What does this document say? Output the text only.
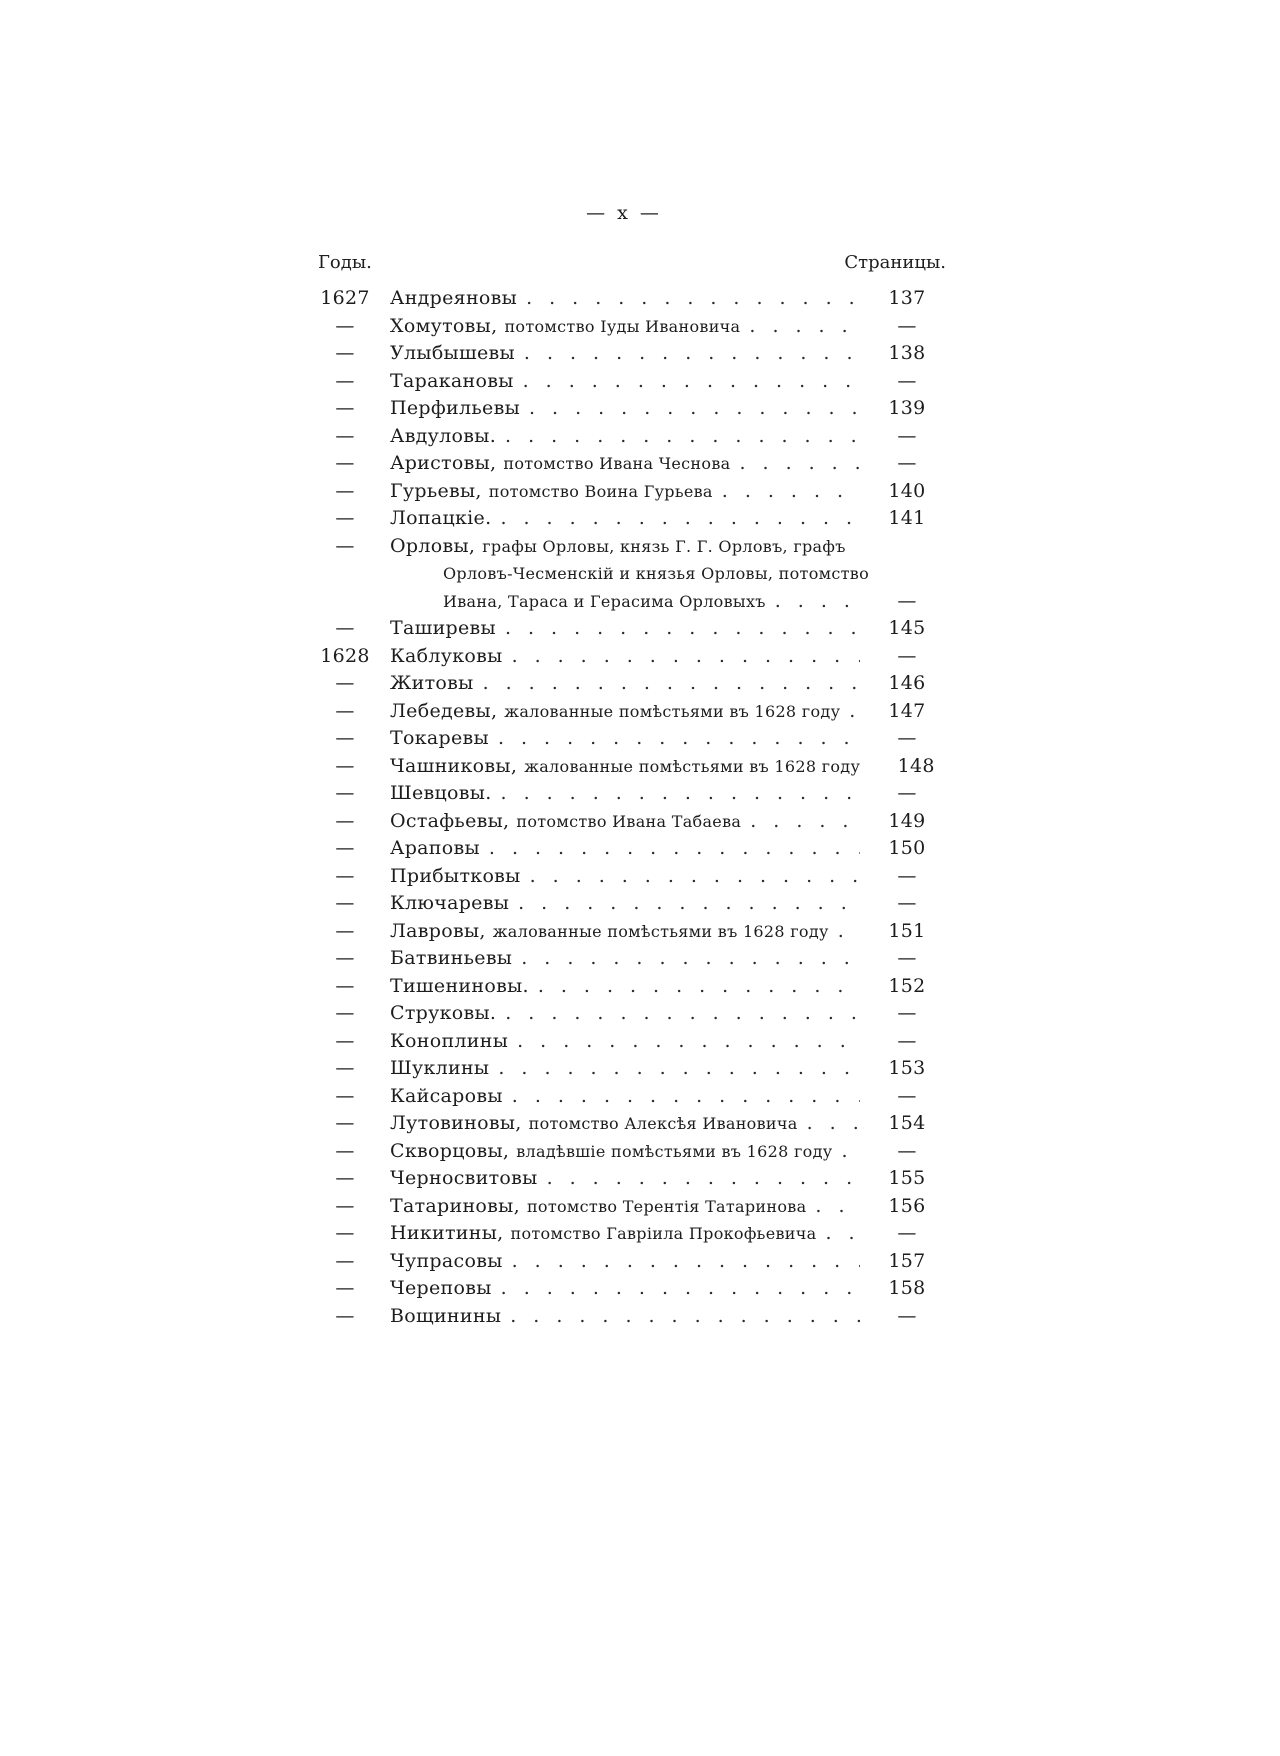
— x —
Годы.	Страницы.
1627 Андреяновы .....	137
—	Хомутовы, потомство Іуды Ивановича .....	—
—	Улыбышевы .....	138
—	Таракановы .....	—
—	Перфильевы .....	139
—	Авдуловы. .....	—
—	Аристовы, потомство Ивана Чеснова .....	—
—	Гурьевы, потомство Воина Гурьева .....	140
—	Лопацкіе. .....	141
—	Орловы, графы Орловы, князь Г. Г. Орловъ, графъ
Орловъ-Чесменскій и князья Орловы, потомство
Ивана, Тараса и Герасима Орловыхъ .....	—
—	Таширевы .....	145
1628 Каблуковы .....	—
—	Житовы .....	146
—	Лебедевы, жалованные помѣстьями въ 1628 году .....	147
—	Токаревы .....	—
—	Чашниковы, жалованные помѣстьями въ 1628 году	148
—	Шевцовы. .....	—
—	Остафьевы, потомство Ивана Табаева .....	149
—	Араповы .....	150
—	Прибытковы .....	—
—	Ключаревы .....	—
—	Лавровы, жалованные помѣстьями въ 1628 году .....	151
—	Батвиньевы .....	—
—	Тишениновы. .....	152
—	Струковы. .....	—
—	Коноплины .....	—
—	Шуклины .....	153
—	Кайсаровы .....	—
—	Лутовиновы, потомство Алексѣя Ивановича .....	154
—	Скворцовы, владѣвшіе помѣстьями въ 1628 году .....	—
—	Черносвитовы .....	155
—	Татариновы, потомство Терентія Татаринова .....	156
—	Никитины, потомство Гавріила Прокофьевича .....	—
—	Чупрасовы .....	157
—	Череповы .....	158
—	Вощинины .....	—
